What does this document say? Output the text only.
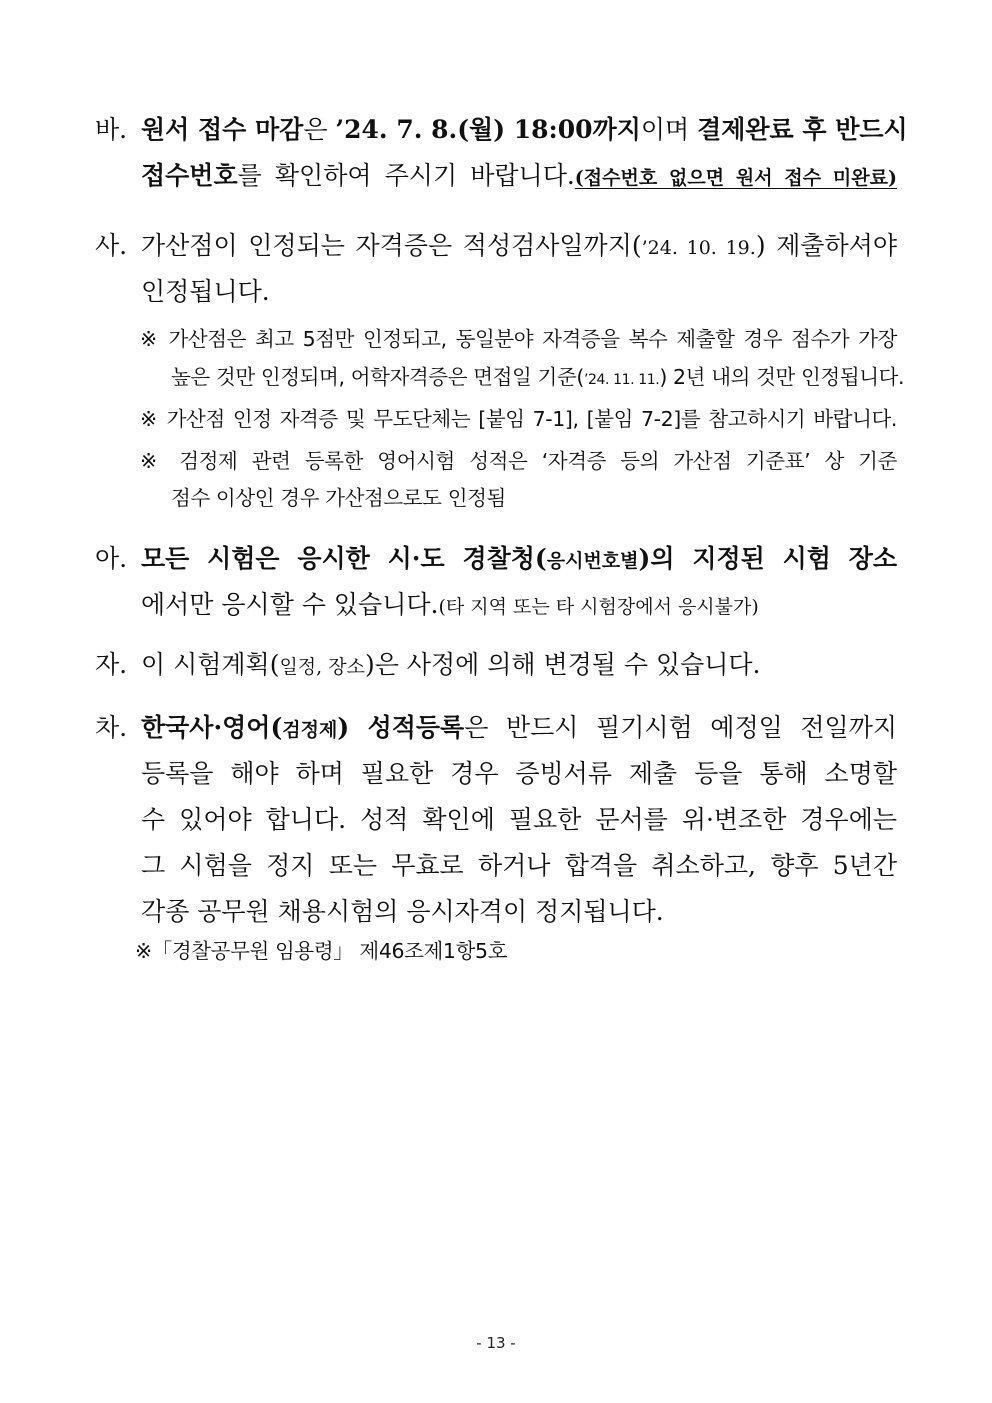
바. 원서 접수 마감은 ’24. 7. 8.(월) 18:00까지이며 결제완료 후 반드시
접수번호를 확인하여 주시기 바랍니다.(접수번호 없으면 원서 접수 미완료)
사. 가산점이 인정되는 자격증은 적성검사일까지(’24. 10. 19.) 제출하셔야
인정됩니다.
※ 가산점은 최고 5점만 인정되고, 동일분야 자격증을 복수 제출할 경우 점수가 가장
높은 것만 인정되며, 어학자격증은 면접일 기준(’24. 11. 11.) 2년 내의 것만 인정됩니다.
※ 가산점 인정 자격증 및 무도단체는 [붙임 7-1], [붙임 7-2]를 참고하시기 바랍니다.
※ 검정제 관련 등록한 영어시험 성적은 ‘자격증 등의 가산점 기준표’ 상 기준
점수 이상인 경우 가산점으로도 인정됨
아. 모든 시험은 응시한 시·도 경찰청(응시번호별)의 지정된 시험 장소
에서만 응시할 수 있습니다.(타 지역 또는 타 시험장에서 응시불가)
자. 이 시험계획(일정, 장소)은 사정에 의해 변경될 수 있습니다.
차. 한국사·영어(검정제) 성적등록은 반드시 필기시험 예정일 전일까지
등록을 해야 하며 필요한 경우 증빙서류 제출 등을 통해 소명할
수 있어야 합니다. 성적 확인에 필요한 문서를 위·변조한 경우에는
그 시험을 정지 또는 무효로 하거나 합격을 취소하고, 향후 5년간
각종 공무원 채용시험의 응시자격이 정지됩니다.
※「경찰공무원 임용령」 제46조제1항5호
- 13 -
